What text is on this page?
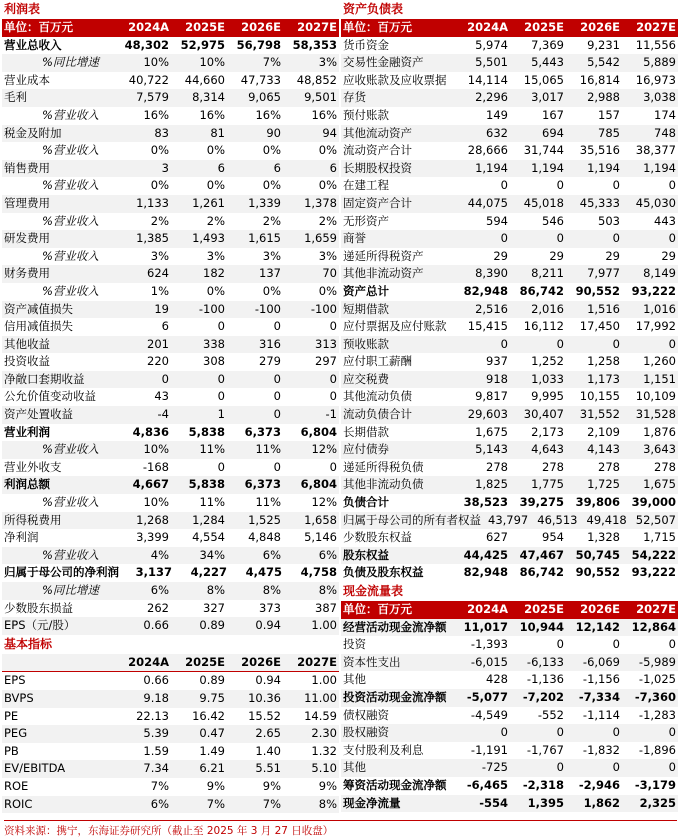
利润表
单位：百万元	2024A	2025E	2026E	2027E
营业总收入	48,302	52,975	56,798	58,353
%同比增速	10%	10%	7%	3%
营业成本	40,722	44,660	47,733	48,852
毛利	7,579	8,314	9,065	9,501
%营业收入	16%	16%	16%	16%
税金及附加	83	81	90	94
%营业收入	0%	0%	0%	0%
销售费用	3	6	6	6
%营业收入	0%	0%	0%	0%
管理费用	1,133	1,261	1,339	1,378
%营业收入	2%	2%	2%	2%
研发费用	1,385	1,493	1,615	1,659
%营业收入	3%	3%	3%	3%
财务费用	624	182	137	70
%营业收入	1%	0%	0%	0%
资产减值损失	19	-100	-100	-100
信用减值损失	6	0	0	0
其他收益	201	338	316	313
投资收益	220	308	279	297
净敞口套期收益	0	0	0	0
公允价值变动收益	43	0	0	0
资产处置收益	-4	1	0	-1
营业利润	4,836	5,838	6,373	6,804
%营业收入	10%	11%	11%	12%
营业外收支	-168	0	0	0
利润总额	4,667	5,838	6,373	6,804
%营业收入	10%	11%	11%	12%
所得税费用	1,268	1,284	1,525	1,658
净利润	3,399	4,554	4,848	5,146
%营业收入	4%	34%	6%	6%
归属于母公司的净利润	3,137	4,227	4,475	4,758
%同比增速	6%	8%	8%	8%
少数股东损益	262	327	373	387
EPS（元/股）	0.66	0.89	0.94	1.00
基本指标
2024A	2025E	2026E	2027E
EPS	0.66	0.89	0.94	1.00
BVPS	9.18	9.75	10.36	11.00
PE	22.13	16.42	15.52	14.59
PEG	5.39	0.47	2.65	2.30
PB	1.59	1.49	1.40	1.32
EV/EBITDA	7.34	6.21	5.51	5.10
ROE	7%	9%	9%	9%
ROIC	6%	7%	7%	8%
资产负债表
单位：百万元	2024A	2025E	2026E	2027E
货币资金	5,974	7,369	9,231	11,556
交易性金融资产	5,501	5,443	5,542	5,889
应收账款及应收票据	14,114	15,065	16,814	16,973
存货	2,296	3,017	2,988	3,038
预付账款	149	167	157	174
其他流动资产	632	694	785	748
流动资产合计	28,666	31,744	35,516	38,377
长期股权投资	1,194	1,194	1,194	1,194
在建工程	0	0	0	0
固定资产合计	44,075	45,018	45,333	45,030
无形资产	594	546	503	443
商誉	0	0	0	0
递延所得税资产	29	29	29	29
其他非流动资产	8,390	8,211	7,977	8,149
资产总计	82,948	86,742	90,552	93,222
短期借款	2,516	2,016	1,516	1,016
应付票据及应付账款	15,415	16,112	17,450	17,992
预收账款	0	0	0	0
应付职工薪酬	937	1,252	1,258	1,260
应交税费	918	1,033	1,173	1,151
其他流动负债	9,817	9,995	10,155	10,109
流动负债合计	29,603	30,407	31,552	31,528
长期借款	1,675	2,173	2,109	1,876
应付债券	5,143	4,643	4,143	3,643
递延所得税负债	278	278	278	278
其他非流动负债	1,825	1,775	1,725	1,675
负债合计	38,523	39,275	39,806	39,000
归属于母公司的所有者权益 43,797 46,513 49,418 52,507
少数股东权益	627	954	1,328	1,715
股东权益	44,425	47,467	50,745	54,222
负债及股东权益	82,948	86,742	90,552	93,222
现金流量表
单位：百万元	2024A	2025E	2026E	2027E
经营活动现金流净额	11,017	10,944	12,142	12,864
投资	-1,393	0	0	0
资本性支出	-6,015	-6,133	-6,069	-5,989
其他	428	-1,136	-1,156	-1,025
投资活动现金流净额	-5,077	-7,202	-7,334	-7,360
债权融资	-4,549	-552	-1,114	-1,283
股权融资	0	0	0	0
支付股利及利息	-1,191	-1,767	-1,832	-1,896
其他	-725	0	0	0
筹资活动现金流净额	-6,465	-2,318	-2,946	-3,179
现金净流量	-554	1,395	1,862	2,325
资料来源：携宁，东海证券研究所（截止至 2025 年 3 月 27 日收盘）
